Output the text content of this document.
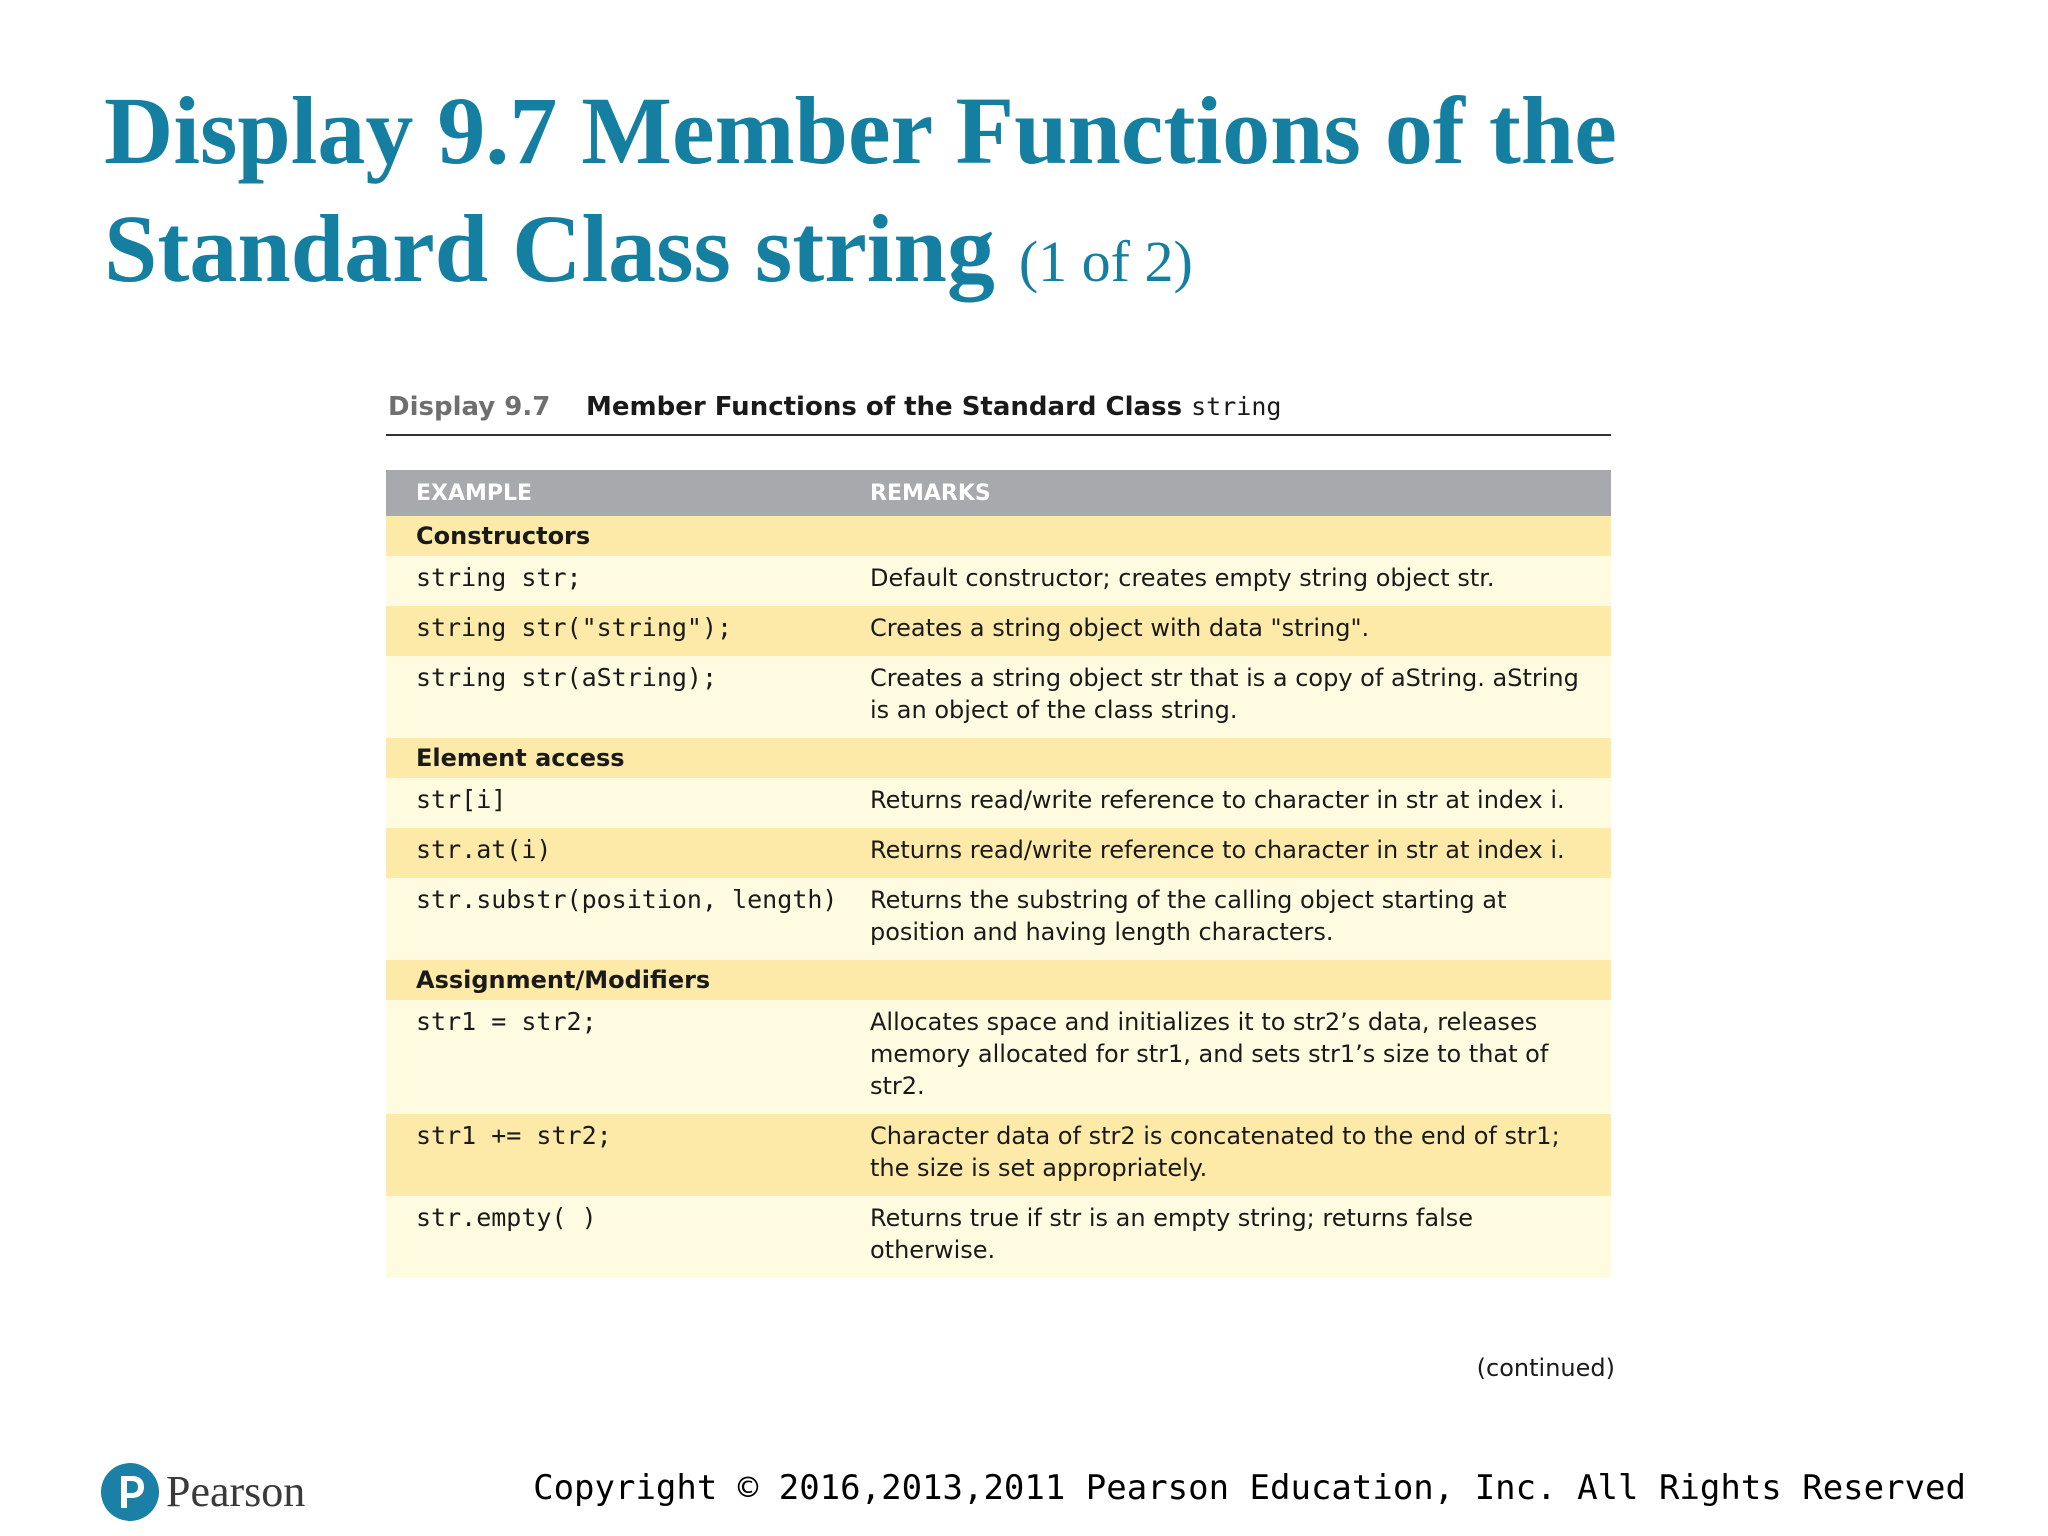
Display 9.7 Member Functions of the
Standard Class string (1 of 2)
Display 9.7 Member Functions of the Standard Class string
EXAMPLE	REMARKS
Constructors	
string str;	Default constructor; creates empty string object str.
string str("string");	Creates a string object with data "string".
string str(aString);	Creates a string object str that is a copy of aString. aString is an object of the class string.
Element access	
str[i]	Returns read/write reference to character in str at index i.
str.at(i)	Returns read/write reference to character in str at index i.
str.substr(position, length)	Returns the substring of the calling object starting at position and having length characters.
Assignment/Modifiers	
str1 = str2;	Allocates space and initializes it to str2’s data, releases memory allocated for str1, and sets str1’s size to that of str2.
str1 += str2;	Character data of str2 is concatenated to the end of str1; the size is set appropriately.
str.empty( )	Returns true if str is an empty string; returns false otherwise.
(continued)
Pearson	Copyright © 2016,2013,2011 Pearson Education, Inc. All Rights Reserved
